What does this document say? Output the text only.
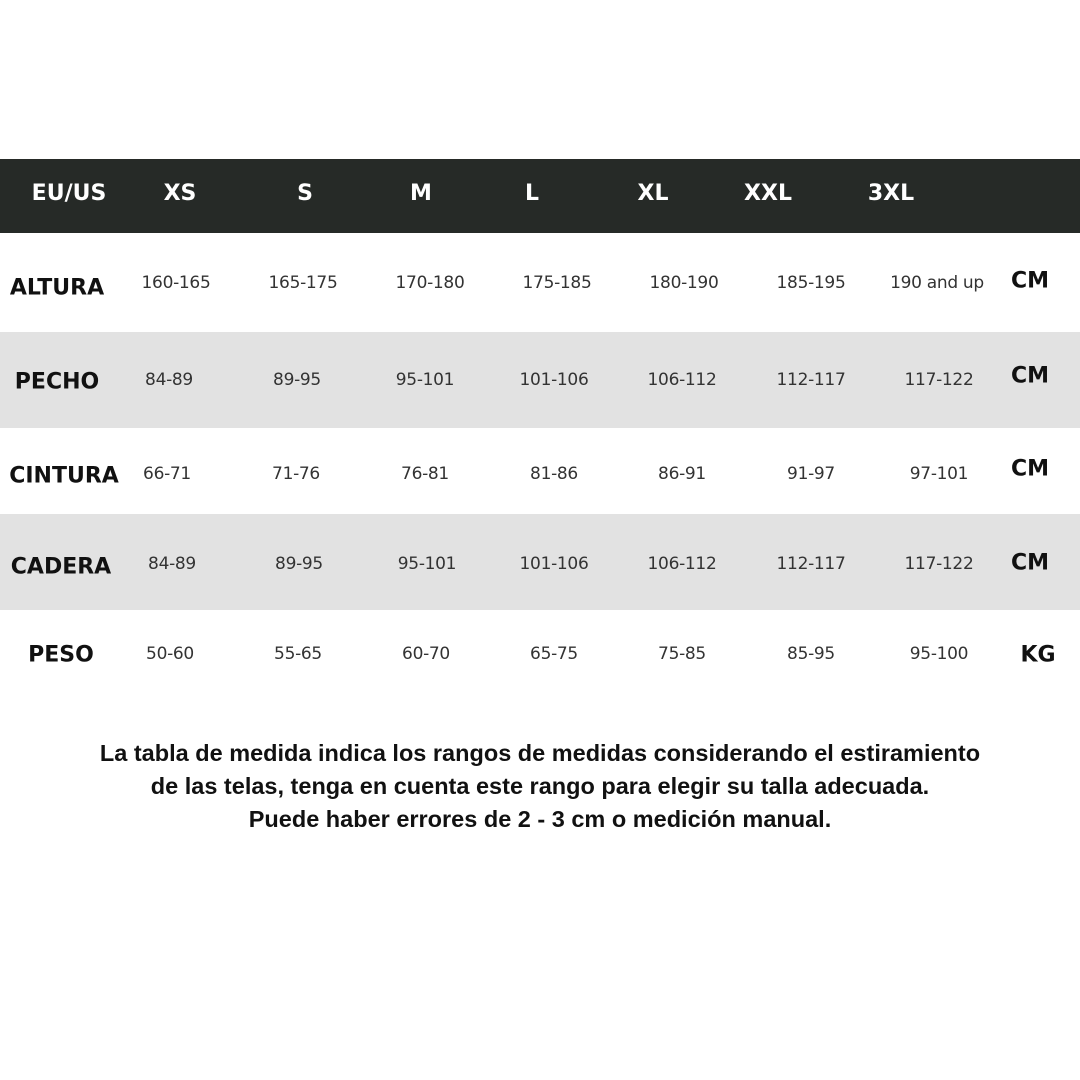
EU/US	XS	S	M	L	XL	XXL	3XL
ALTURA 160-165	165-175	170-180	175-185	180-190	185-195	190 and up CM
PECHO	84-89	89-95	95-101	101-106	106-112	112-117	117-122 CM
CINTURA 66-71	71-76	76-81	81-86	86-91	91-97	97-101 CM
CADERA 84-89	89-95	95-101	101-106	106-112	112-117	117-122 CM
PESO	50-60	55-65	60-70	65-75	75-85	85-95	95-100 KG
La tabla de medida indica los rangos de medidas considerando el estiramiento
de las telas, tenga en cuenta este rango para elegir su talla adecuada.
Puede haber errores de 2 - 3 cm o medición manual.
